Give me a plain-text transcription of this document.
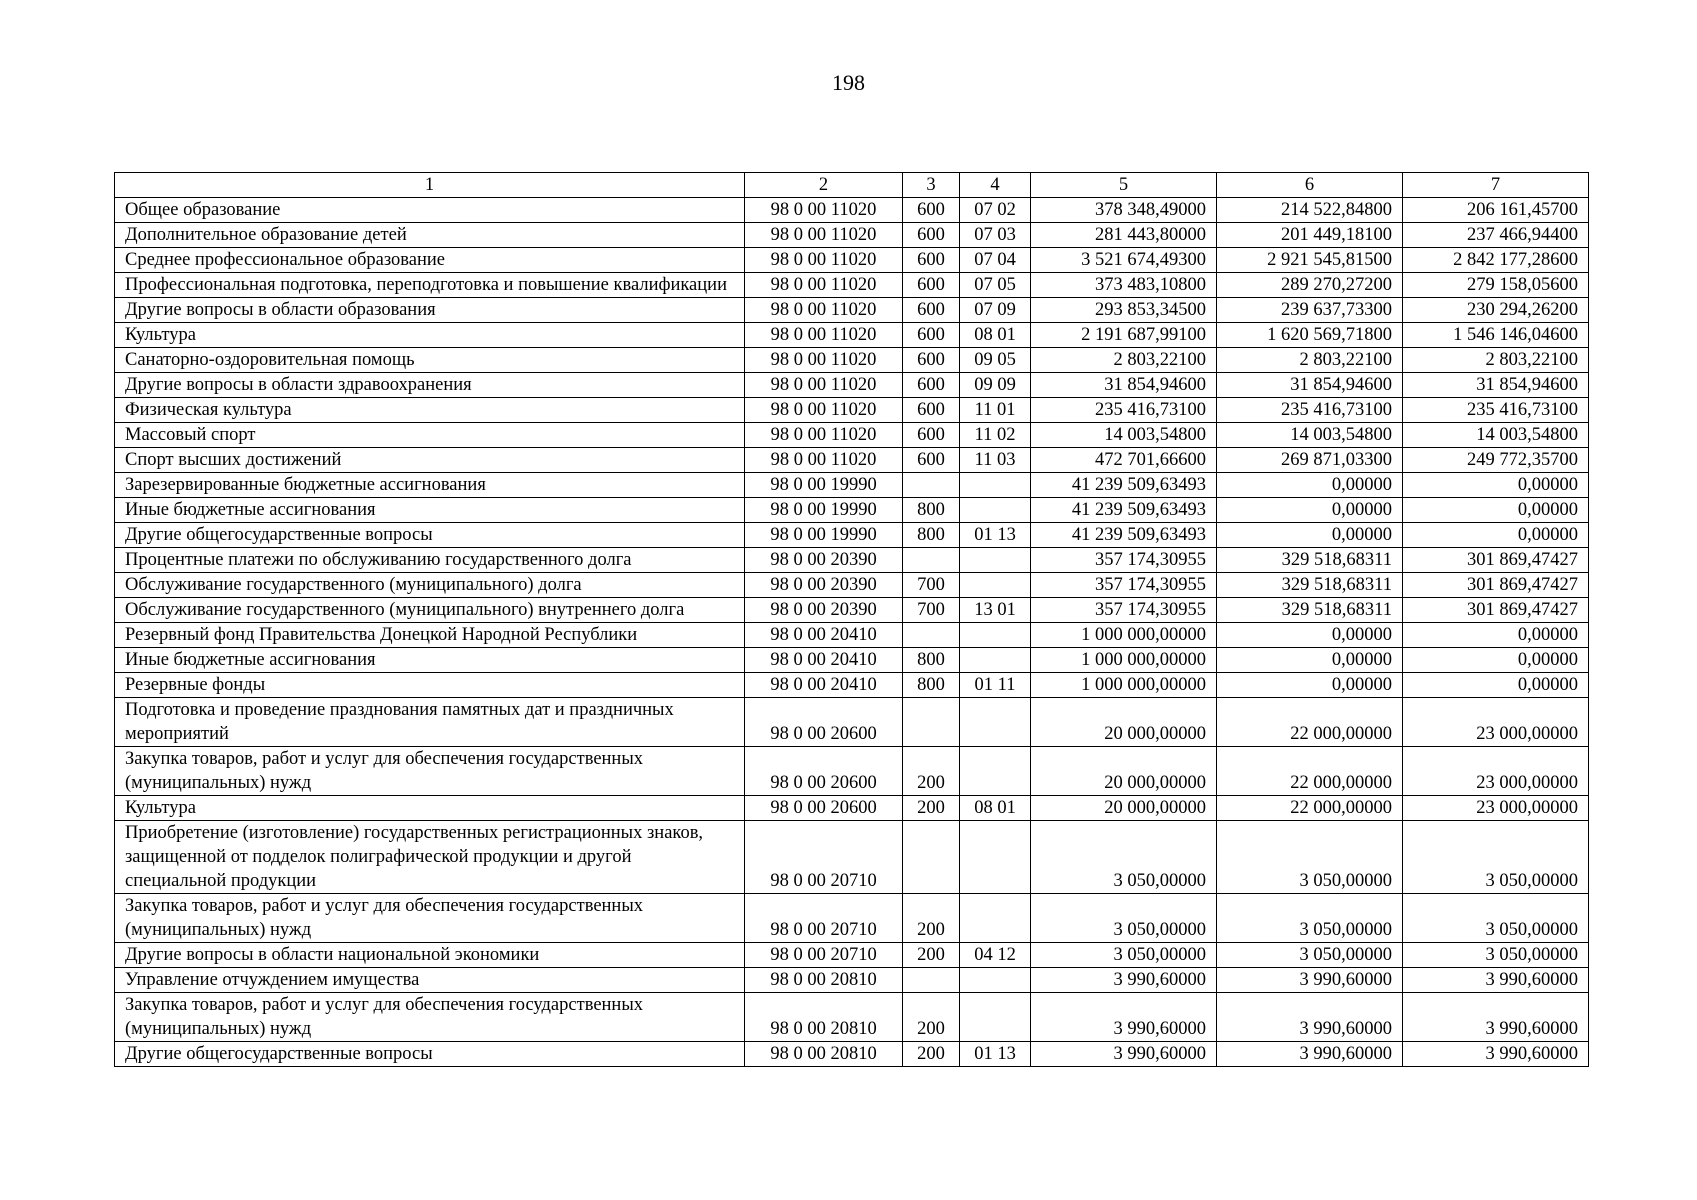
198
1	2	3	4	5	6	7
Общее образование	98 0 00 11020	600	07 02	378 348,49000	214 522,84800	206 161,45700
Дополнительное образование детей	98 0 00 11020	600	07 03	281 443,80000	201 449,18100	237 466,94400
Среднее профессиональное образование	98 0 00 11020	600	07 04	3 521 674,49300	2 921 545,81500	2 842 177,28600
Профессиональная подготовка, переподготовка и повышение квалификации	98 0 00 11020	600	07 05	373 483,10800	289 270,27200	279 158,05600
Другие вопросы в области образования	98 0 00 11020	600	07 09	293 853,34500	239 637,73300	230 294,26200
Культура	98 0 00 11020	600	08 01	2 191 687,99100	1 620 569,71800	1 546 146,04600
Санаторно-оздоровительная помощь	98 0 00 11020	600	09 05	2 803,22100	2 803,22100	2 803,22100
Другие вопросы в области здравоохранения	98 0 00 11020	600	09 09	31 854,94600	31 854,94600	31 854,94600
Физическая культура	98 0 00 11020	600	11 01	235 416,73100	235 416,73100	235 416,73100
Массовый спорт	98 0 00 11020	600	11 02	14 003,54800	14 003,54800	14 003,54800
Спорт высших достижений	98 0 00 11020	600	11 03	472 701,66600	269 871,03300	249 772,35700
Зарезервированные бюджетные ассигнования	98 0 00 19990			41 239 509,63493	0,00000	0,00000
Иные бюджетные ассигнования	98 0 00 19990	800		41 239 509,63493	0,00000	0,00000
Другие общегосударственные вопросы	98 0 00 19990	800	01 13	41 239 509,63493	0,00000	0,00000
Процентные платежи по обслуживанию государственного долга	98 0 00 20390			357 174,30955	329 518,68311	301 869,47427
Обслуживание государственного (муниципального) долга	98 0 00 20390	700		357 174,30955	329 518,68311	301 869,47427
Обслуживание государственного (муниципального) внутреннего долга	98 0 00 20390	700	13 01	357 174,30955	329 518,68311	301 869,47427
Резервный фонд Правительства Донецкой Народной Республики	98 0 00 20410			1 000 000,00000	0,00000	0,00000
Иные бюджетные ассигнования	98 0 00 20410	800		1 000 000,00000	0,00000	0,00000
Резервные фонды	98 0 00 20410	800	01 11	1 000 000,00000	0,00000	0,00000
Подготовка и проведение празднования памятных дат и праздничных мероприятий	98 0 00 20600			20 000,00000	22 000,00000	23 000,00000
Закупка товаров, работ и услуг для обеспечения государственных (муниципальных) нужд	98 0 00 20600	200		20 000,00000	22 000,00000	23 000,00000
Культура	98 0 00 20600	200	08 01	20 000,00000	22 000,00000	23 000,00000
Приобретение (изготовление) государственных регистрационных знаков, защищенной от подделок полиграфической продукции и другой специальной продукции	98 0 00 20710			3 050,00000	3 050,00000	3 050,00000
Закупка товаров, работ и услуг для обеспечения государственных (муниципальных) нужд	98 0 00 20710	200		3 050,00000	3 050,00000	3 050,00000
Другие вопросы в области национальной экономики	98 0 00 20710	200	04 12	3 050,00000	3 050,00000	3 050,00000
Управление отчуждением имущества	98 0 00 20810			3 990,60000	3 990,60000	3 990,60000
Закупка товаров, работ и услуг для обеспечения государственных (муниципальных) нужд	98 0 00 20810	200		3 990,60000	3 990,60000	3 990,60000
Другие общегосударственные вопросы	98 0 00 20810	200	01 13	3 990,60000	3 990,60000	3 990,60000
